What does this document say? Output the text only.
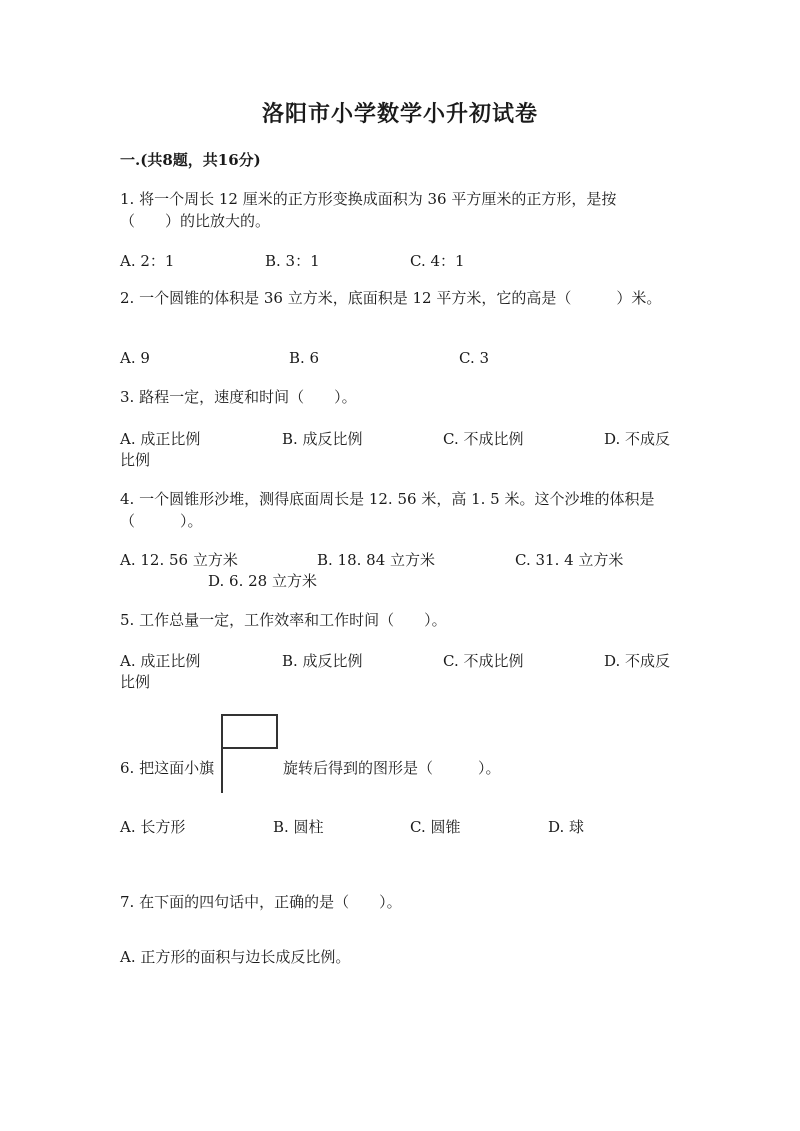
洛阳市小学数学小升初试卷
一.(共8题，共16分)
1. 将一个周长 12 厘米的正方形变换成面积为 36 平方厘米的正方形，是按
（　　）的比放大的。
A. 2：1	B. 3：1	C. 4：1
2. 一个圆锥的体积是 36 立方米，底面积是 12 平方米，它的高是（　　　）米。
A. 9	B. 6	C. 3
3. 路程一定，速度和时间（　　）。
A. 成正比例	B. 成反比例	C. 不成比例	D. 不成反
比例
4. 一个圆锥形沙堆，测得底面周长是 12. 56 米，高 1. 5 米。这个沙堆的体积是
（　　　）。
A. 12. 56 立方米	B. 18. 84 立方米	C. 31. 4 立方米
D. 6. 28 立方米
5. 工作总量一定，工作效率和工作时间（　　）。
A. 成正比例	B. 成反比例	C. 不成比例	D. 不成反
比例
6. 把这面小旗	旋转后得到的图形是（　　　）。
A. 长方形	B. 圆柱	C. 圆锥	D. 球
7. 在下面的四句话中，正确的是（　　）。
A. 正方形的面积与边长成反比例。
